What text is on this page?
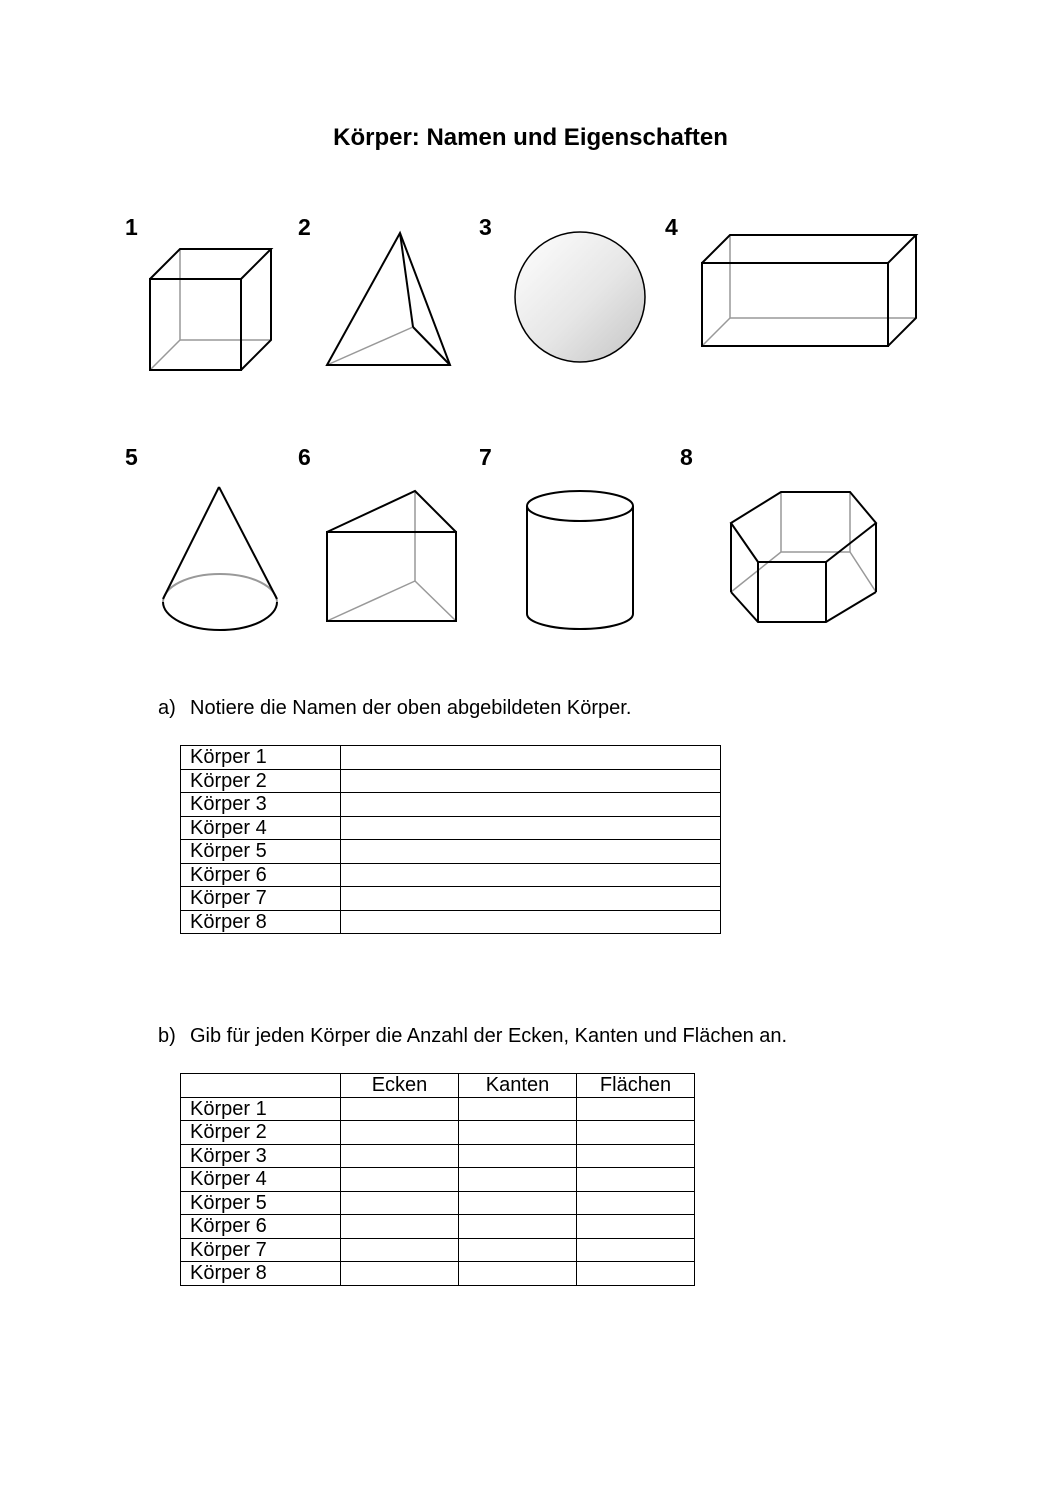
Körper: Namen und Eigenschaften
1	2	3	4
5	6	7	8
a) Notiere die Namen der oben abgebildeten Körper.
Körper 1	
Körper 2	
Körper 3	
Körper 4	
Körper 5	
Körper 6	
Körper 7	
Körper 8	
b) Gib für jeden Körper die Anzahl der Ecken, Kanten und Flächen an.
	Ecken	Kanten	Flächen
Körper 1			
Körper 2			
Körper 3			
Körper 4			
Körper 5			
Körper 6			
Körper 7			
Körper 8			
